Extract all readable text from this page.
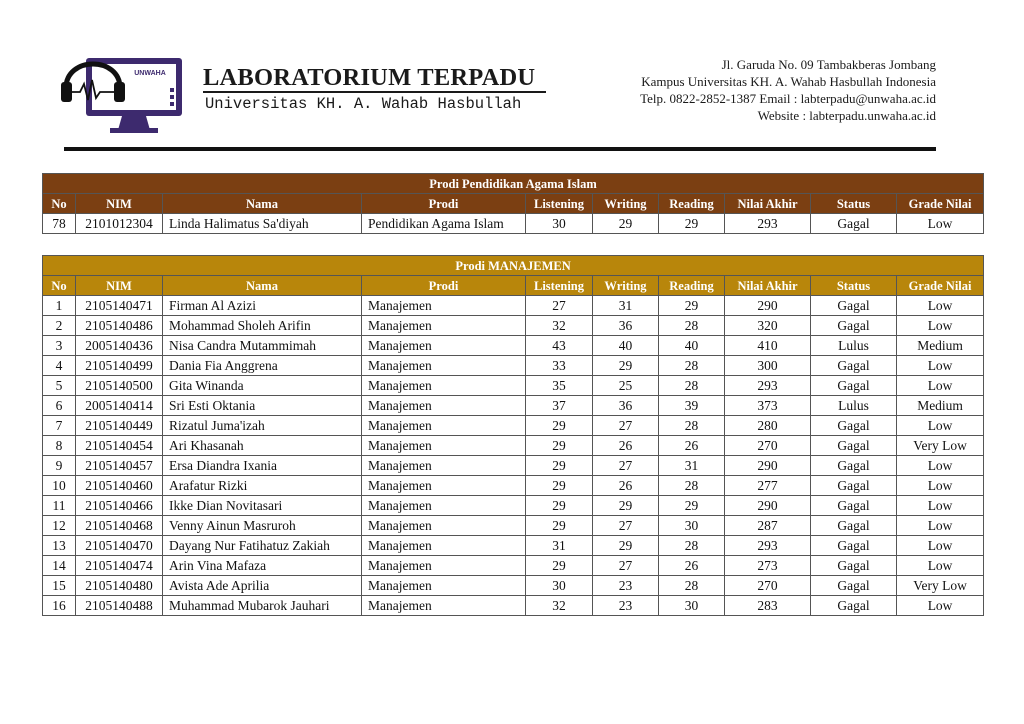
UNWAHA LABORATORIUM TERPADU
Universitas KH. A. Wahab Hasbullah
Jl. Garuda No. 09 Tambakberas Jombang
Kampus Universitas KH. A. Wahab Hasbullah Indonesia
Telp. 0822-2852-1387 Email : labterpadu@unwaha.ac.id
Website : labterpadu.unwaha.ac.id
Prodi Pendidikan Agama Islam									
No	NIM	Nama	Prodi	Listening	Writing	Reading	Nilai Akhir	Status	Grade Nilai
78	2101012304	Linda Halimatus Sa'diyah	Pendidikan Agama Islam	30	29	29	293	Gagal	Low
Prodi MANAJEMEN									
No	NIM	Nama	Prodi	Listening	Writing	Reading	Nilai Akhir	Status	Grade Nilai
1	2105140471	Firman Al Azizi	Manajemen	27	31	29	290	Gagal	Low
2	2105140486	Mohammad Sholeh Arifin	Manajemen	32	36	28	320	Gagal	Low
3	2005140436	Nisa Candra Mutammimah	Manajemen	43	40	40	410	Lulus	Medium
4	2105140499	Dania Fia Anggrena	Manajemen	33	29	28	300	Gagal	Low
5	2105140500	Gita Winanda	Manajemen	35	25	28	293	Gagal	Low
6	2005140414	Sri Esti Oktania	Manajemen	37	36	39	373	Lulus	Medium
7	2105140449	Rizatul Juma'izah	Manajemen	29	27	28	280	Gagal	Low
8	2105140454	Ari Khasanah	Manajemen	29	26	26	270	Gagal	Very Low
9	2105140457	Ersa Diandra Ixania	Manajemen	29	27	31	290	Gagal	Low
10	2105140460	Arafatur Rizki	Manajemen	29	26	28	277	Gagal	Low
11	2105140466	Ikke Dian Novitasari	Manajemen	29	29	29	290	Gagal	Low
12	2105140468	Venny Ainun Masruroh	Manajemen	29	27	30	287	Gagal	Low
13	2105140470	Dayang Nur Fatihatuz Zakiah	Manajemen	31	29	28	293	Gagal	Low
14	2105140474	Arin Vina Mafaza	Manajemen	29	27	26	273	Gagal	Low
15	2105140480	Avista Ade Aprilia	Manajemen	30	23	28	270	Gagal	Very Low
16	2105140488	Muhammad Mubarok Jauhari	Manajemen	32	23	30	283	Gagal	Low
